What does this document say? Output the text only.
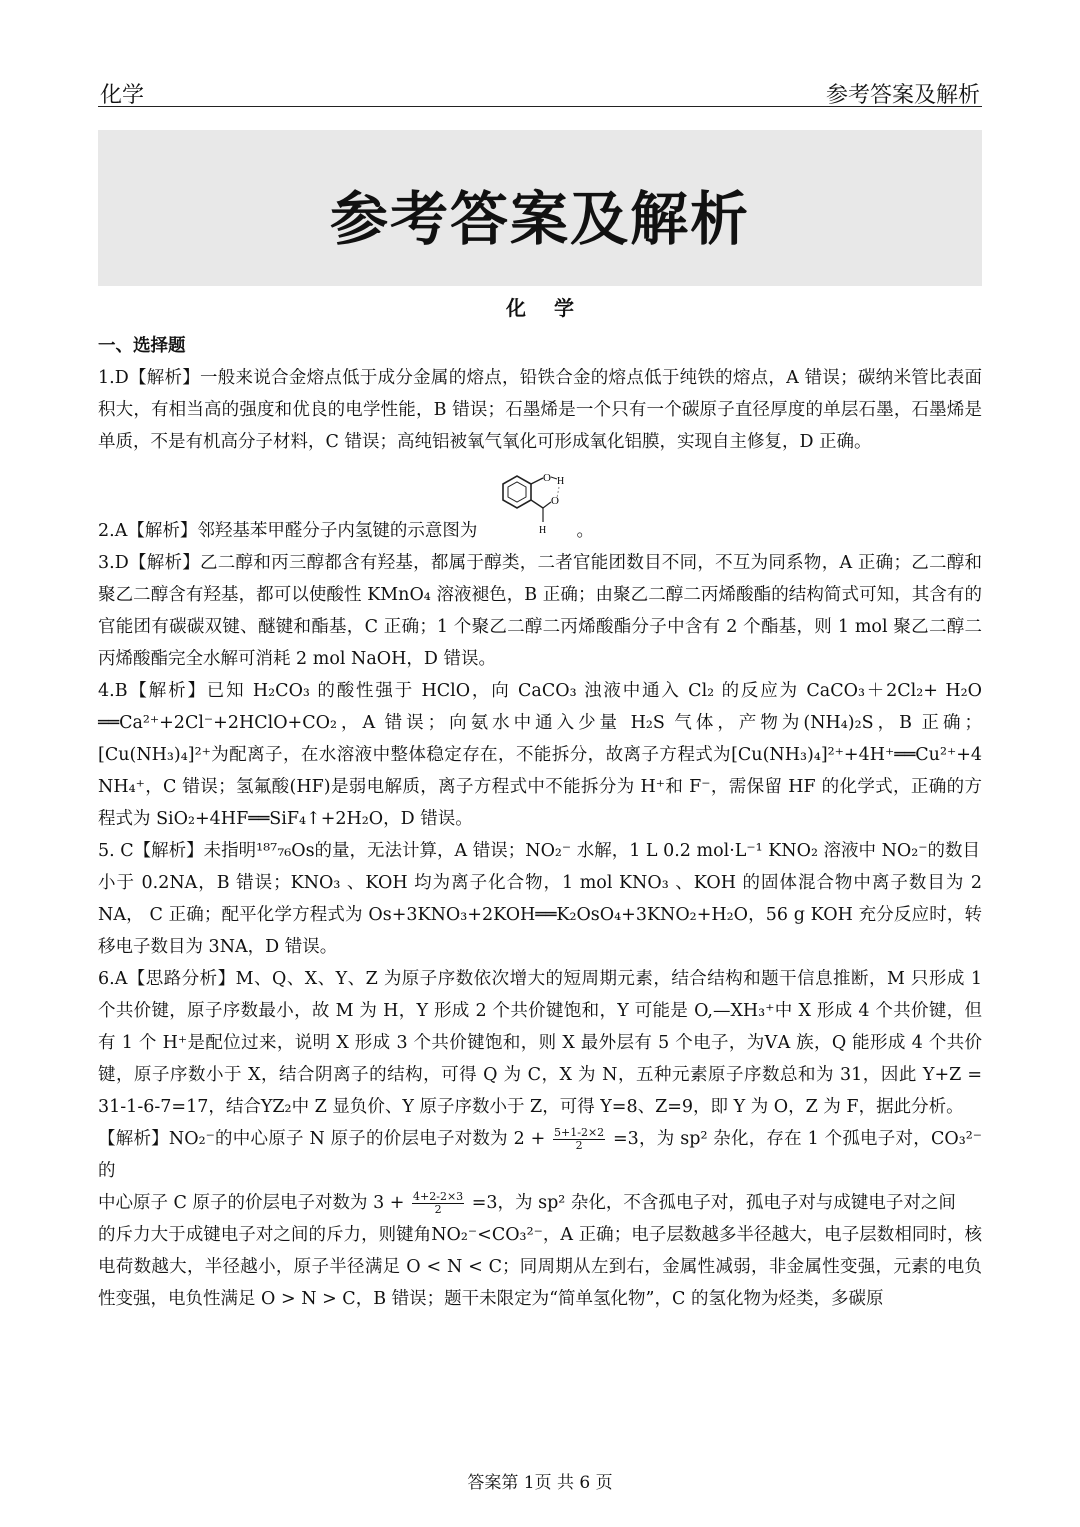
化学	参考答案及解析
参考答案及解析
化学

一、选择题

1.D【解析】一般来说合金熔点低于成分金属的熔点，铅铁合金的熔点低于纯铁的熔点，A 错误；碳纳米管比表面积大，有相当高的强度和优良的电学性能，B 错误；石墨烯是一个只有一个碳原子直径厚度的单层石墨，石墨烯是单质，不是有机高分子材料，C 错误；高纯铝被氧气氧化可形成氧化铝膜，实现自主修复，D 正确。

2.A【解析】邻羟基苯甲醛分子内氢键的示意图为
O H
O
H 。

3.D【解析】乙二醇和丙三醇都含有羟基，都属于醇类，二者官能团数目不同，不互为同系物，A 正确；乙二醇和聚乙二醇含有羟基，都可以使酸性 KMnO₄ 溶液褪色，B 正确；由聚乙二醇二丙烯酸酯的结构简式可知，其含有的官能团有碳碳双键、醚键和酯基，C 正确；1 个聚乙二醇二丙烯酸酯分子中含有 2 个酯基，则 1 mol 聚乙二醇二丙烯酸酯完全水解可消耗 2 mol NaOH，D 错误。

4.B【解析】已知 H₂CO₃ 的酸性强于 HClO，向 CaCO₃ 浊液中通入 Cl₂ 的反应为 CaCO₃＋2Cl₂+ H₂O ══Ca²⁺+2Cl⁻+2HClO+CO₂，A 错误；向氨水中通入少量 H₂S 气体，产物为(NH₄)₂S，B 正确；[Cu(NH₃)₄]²⁺为配离子，在水溶液中整体稳定存在，不能拆分，故离子方程式为[Cu(NH₃)₄]²⁺+4H⁺══Cu²⁺+4 NH₄⁺，C 错误；氢氟酸(HF)是弱电解质，离子方程式中不能拆分为 H⁺和 F⁻，需保留 HF 的化学式，正确的方程式为 SiO₂+4HF══SiF₄↑+2H₂O，D 错误。

5. C【解析】未指明¹⁸⁷₇₆Os的量，无法计算，A 错误；NO₂⁻ 水解，1 L 0.2 mol·L⁻¹ KNO₂ 溶液中 NO₂⁻的数目

小于 0.2NA，B 错误；KNO₃ 、KOH 均为离子化合物，1 mol KNO₃ 、KOH 的固体混合物中离子数目为 2 NA， C 正确；配平化学方程式为 Os+3KNO₃+2KOH══K₂OsO₄+3KNO₂+H₂O，56 g KOH 充分反应时，转移电子数目为 3NA，D 错误。

6.A【思路分析】M、Q、X、Y、Z 为原子序数依次增大的短周期元素，结合结构和题干信息推断，M 只形成 1 个共价键，原子序数最小，故 M 为 H，Y 形成 2 个共价键饱和，Y 可能是 O,—XH₃⁺中 X 形成 4 个共价键，但有 1 个 H⁺是配位过来，说明 X 形成 3 个共价键饱和，则 X 最外层有 5 个电子，为ⅤA 族，Q 能形成 4 个共价键，原子序数小于 X，结合阴离子的结构，可得 Q 为 C，X 为 N，五种元素原子序数总和为 31，因此 Y+Z = 31-1-6-7=17，结合YZ₂中 Z 显负价、Y 原子序数小于 Z，可得 Y=8、Z=9，即 Y 为 O，Z 为 F，据此分析。

【解析】NO₂⁻的中心原子 N 原子的价层电子对数为 $2 + \frac{5+1-2\times 2}{2} =3$，为 sp² 杂化，存在 1 个孤电子对，CO₃²⁻的

中心原子 C 原子的价层电子对数为 $3 + \frac{4+2-2\times 3}{2} =3$，为 sp² 杂化，不含孤电子对，孤电子对与成键电子对之间

的斥力大于成键电子对之间的斥力，则键角NO₂⁻<CO₃²⁻，A 正确；电子层数越多半径越大，电子层数相同时，核电荷数越大，半径越小，原子半径满足 O < N < C；同周期从左到右，金属性减弱，非金属性变强，元素的电负性变强，电负性满足 O > N > C，B 错误；题干未限定为“简单氢化物”，C 的氢化物为烃类，多碳原

答案第 1页 共 6 页
